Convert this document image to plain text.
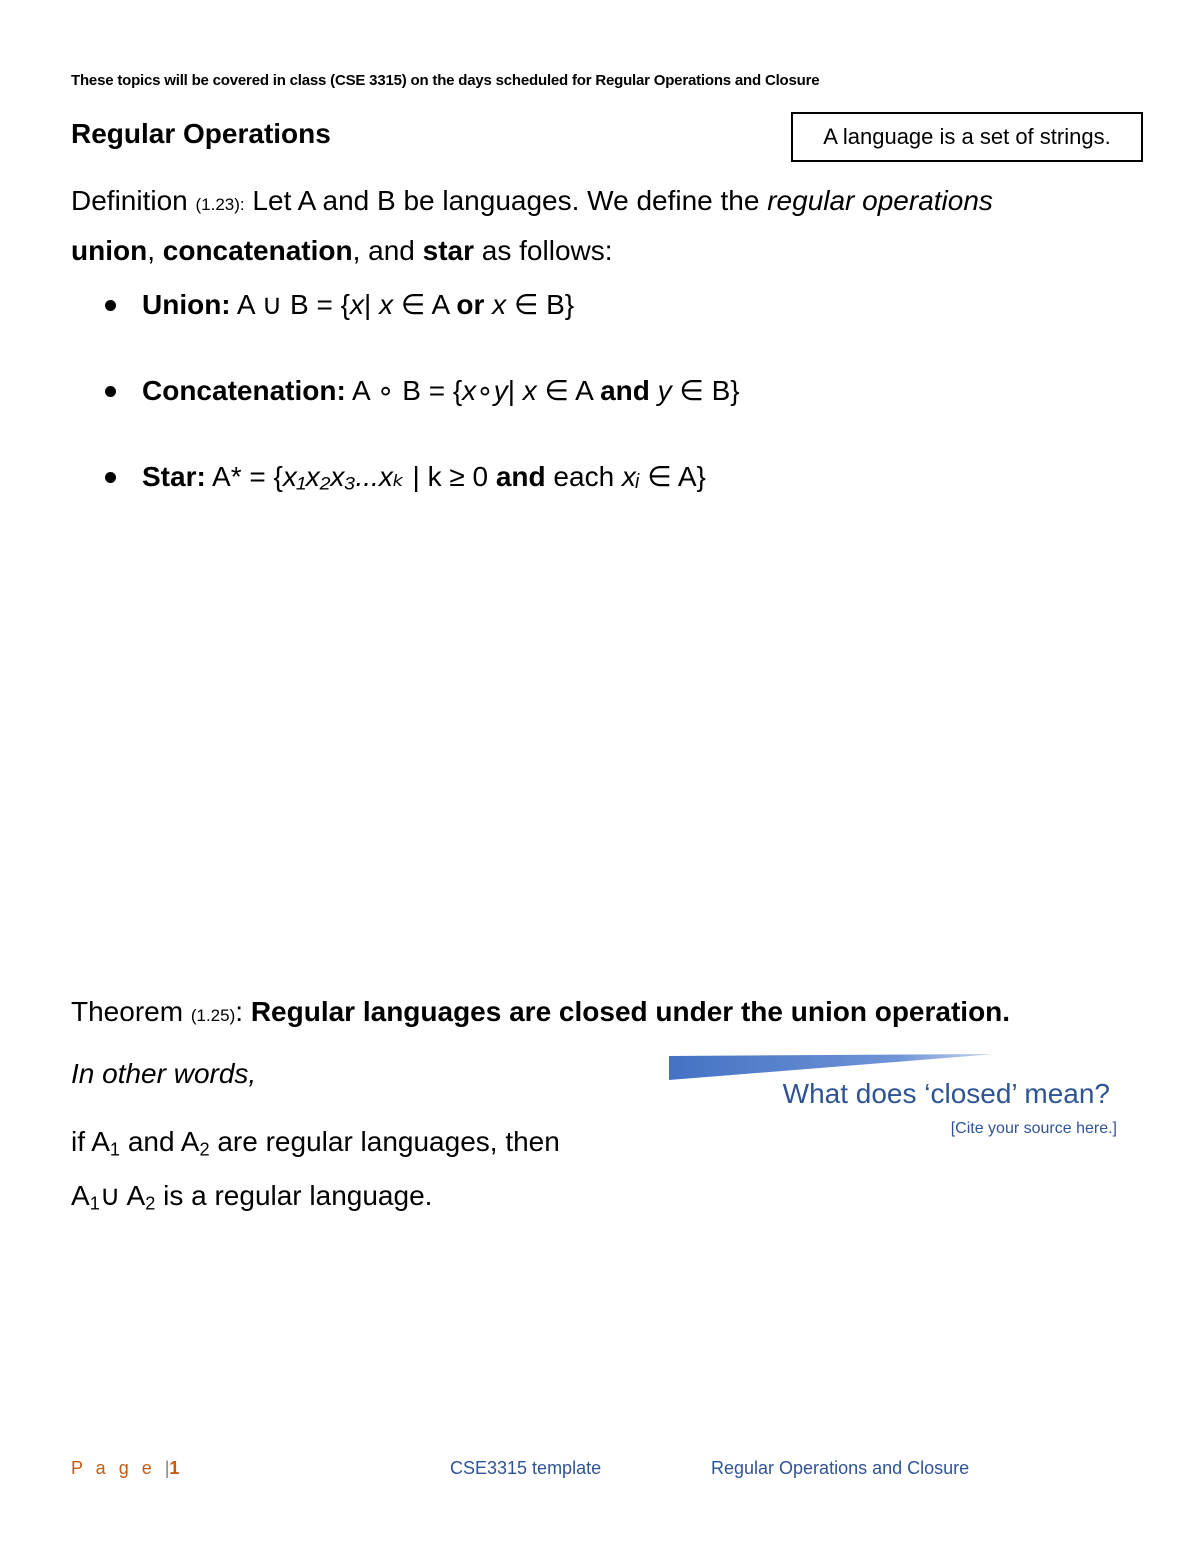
These topics will be covered in class (CSE 3315) on the days scheduled for Regular Operations and Closure
Regular Operations	A language is a set of strings.
Definition (1.23): Let A and B be languages. We define the regular operations union, concatenation, and star as follows:
Union: A ∪ B = {x| x ∈ A or x ∈ B}
Concatenation: A ∘ B = {x∘y| x ∈ A and y ∈ B}
Star: A* = {x₁x₂x₃...xₖ | k ≥ 0 and each xᵢ ∈ A}
Theorem (1.25): Regular languages are closed under the union operation.
In other words,
if $A_1$ and $A_2$ are regular languages, then
$A_1\cup$ $A_2$ is a regular language.
What does ‘closed’ mean?
[Cite your source here.]
P a g e |1	CSE3315 template	Regular Operations and Closure
